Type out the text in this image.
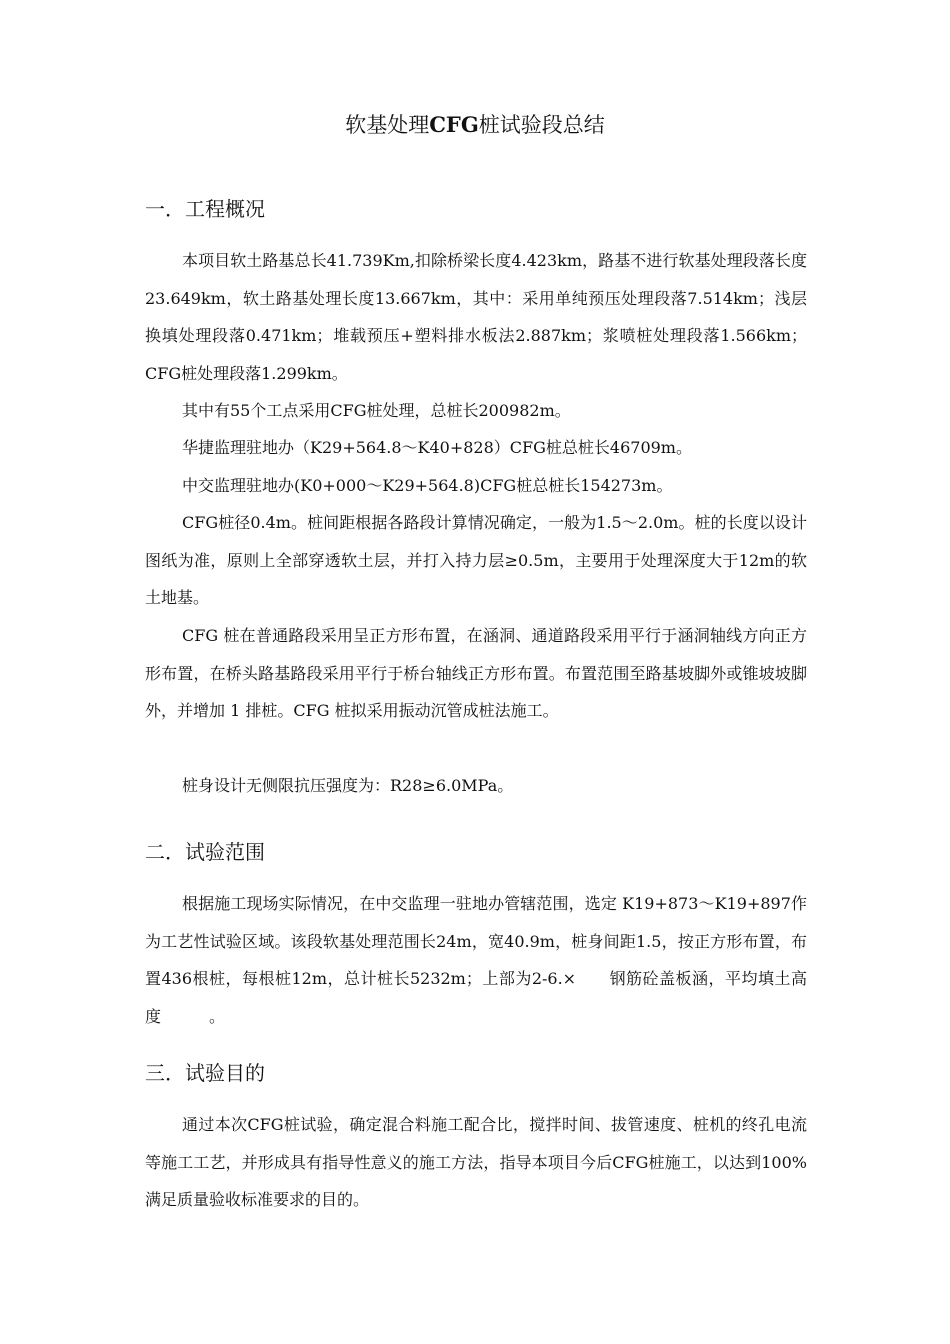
软基处理CFG桩试验段总结
一．工程概况

本项目软土路基总长41.739Km,扣除桥梁长度4.423km，路基不进行软基处理段落长度23.649km，软土路基处理长度13.667km，其中：采用单纯预压处理段落7.514km；浅层换填处理段落0.471km；堆载预压+塑料排水板法2.887km；浆喷桩处理段落1.566km；CFG桩处理段落1.299km。

其中有55个工点采用CFG桩处理，总桩长200982m。

华捷监理驻地办（K29+564.8～K40+828）CFG桩总桩长46709m。

中交监理驻地办(K0+000～K29+564.8)CFG桩总桩长154273m。

CFG桩径0.4m。桩间距根据各路段计算情况确定，一般为1.5～2.0m。桩的长度以设计图纸为准，原则上全部穿透软土层，并打入持力层≥0.5m，主要用于处理深度大于12m的软土地基。

CFG 桩在普通路段采用呈正方形布置，在涵洞、通道路段采用平行于涵洞轴线方向正方形布置，在桥头路基路段采用平行于桥台轴线正方形布置。布置范围至路基坡脚外或锥坡坡脚外，并增加 1 排桩。CFG 桩拟采用振动沉管成桩法施工。

桩身设计无侧限抗压强度为：R28≥6.0MPa。

二．试验范围

根据施工现场实际情况，在中交监理一驻地办管辖范围，选定 K19+873～K19+897作为工艺性试验区域。该段软基处理范围长24m，宽40.9m，桩身间距1.5，按正方形布置，布置436根桩，每根桩12m，总计桩长5232m；上部为2-6.×　　钢筋砼盖板涵，平均填土高度　　　。

三．试验目的

通过本次CFG桩试验，确定混合料施工配合比，搅拌时间、拔管速度、桩机的终孔电流等施工工艺，并形成具有指导性意义的施工方法，指导本项目今后CFG桩施工，以达到100%满足质量验收标准要求的目的。
